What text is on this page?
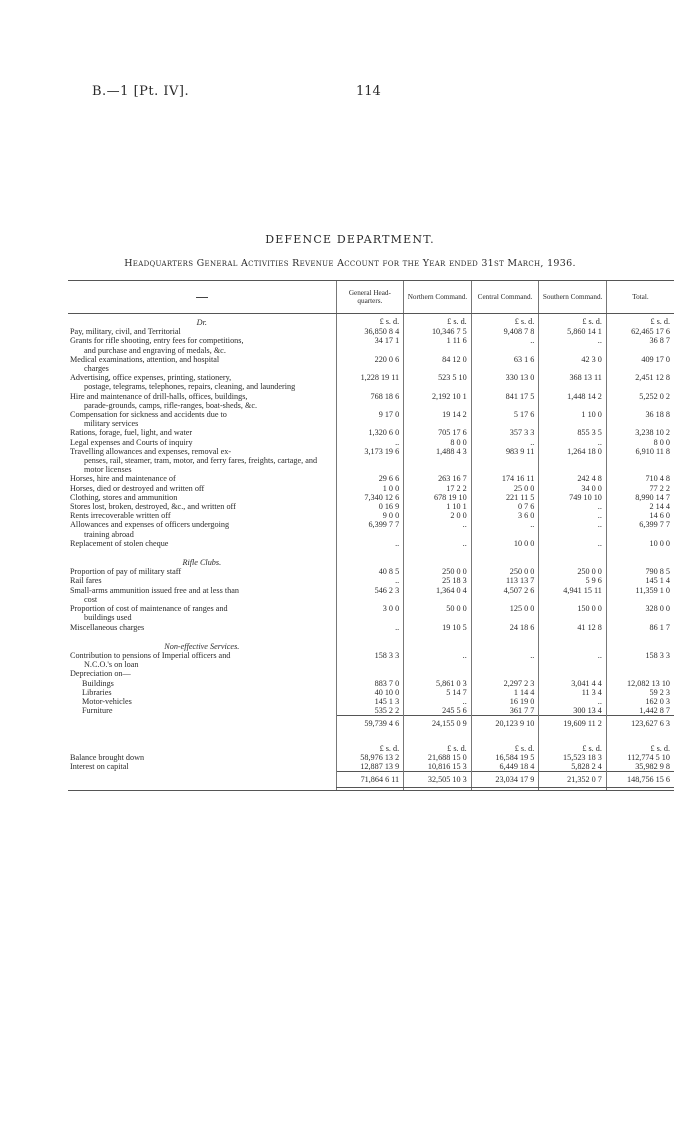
B.—1 [Pt. IV].	114
DEFENCE DEPARTMENT.
Headquarters General Activities Revenue Account for the Year ended 31st March, 1936.
	General Head-quarters.	Northern Command.	Central Command.	Southern Command.	Total.
Dr.	£ s. d.	£ s. d.	£ s. d.	£ s. d.	£ s. d.
Pay, military, civil, and Territorial	36,850 8 4	10,346 7 5	9,408 7 8	5,860 14 1	62,465 17 6
Grants for rifle shooting, entry fees for competitions,
and purchase and engraving of medals, &c.	34 17 1	1 11 6	..	..	36 8 7
Medical examinations, attention, and hospital
charges	220 0 6	84 12 0	63 1 6	42 3 0	409 17 0
Advertising, office expenses, printing, stationery,
postage, telegrams, telephones, repairs, cleaning, and laundering	1,228 19 11	523 5 10	330 13 0	368 13 11	2,451 12 8
Hire and maintenance of drill-halls, offices, buildings,
parade-grounds, camps, rifle-ranges, boat-sheds, &c.	768 18 6	2,192 10 1	841 17 5	1,448 14 2	5,252 0 2
Compensation for sickness and accidents due to
military services	9 17 0	19 14 2	5 17 6	1 10 0	36 18 8
Rations, forage, fuel, light, and water	1,320 6 0	705 17 6	357 3 3	855 3 5	3,238 10 2
Legal expenses and Courts of inquiry	..	8 0 0	..	..	8 0 0
Travelling allowances and expenses, removal ex-
penses, rail, steamer, tram, motor, and ferry fares, freights, cartage, and motor licenses	3,173 19 6	1,488 4 3	983 9 11	1,264 18 0	6,910 11 8
Horses, hire and maintenance of	29 6 6	263 16 7	174 16 11	242 4 8	710 4 8
Horses, died or destroyed and written off	1 0 0	17 2 2	25 0 0	34 0 0	77 2 2
Clothing, stores and ammunition	7,340 12 6	678 19 10	221 11 5	749 10 10	8,990 14 7
Stores lost, broken, destroyed, &c., and written off	0 16 9	1 10 1	0 7 6	..	2 14 4
Rents irrecoverable written off	9 0 0	2 0 0	3 6 0	..	14 6 0
Allowances and expenses of officers undergoing
training abroad	6,399 7 7	..	..	..	6,399 7 7
Replacement of stolen cheque	..	..	10 0 0	..	10 0 0

Rifle Clubs.					
Proportion of pay of military staff	40 8 5	250 0 0	250 0 0	250 0 0	790 8 5
Rail fares	..	25 18 3	113 13 7	5 9 6	145 1 4
Small-arms ammunition issued free and at less than
cost	546 2 3	1,364 0 4	4,507 2 6	4,941 15 11	11,359 1 0
Proportion of cost of maintenance of ranges and
buildings used	3 0 0	50 0 0	125 0 0	150 0 0	328 0 0
Miscellaneous charges	..	19 10 5	24 18 6	41 12 8	86 1 7

Non-effective Services.					
Contribution to pensions of Imperial officers and
N.C.O.'s on loan	158 3 3	..	..	..	158 3 3
Depreciation on—					
Buildings	883 7 0	5,861 0 3	2,297 2 3	3,041 4 4	12,082 13 10
Libraries	40 10 0	5 14 7	1 14 4	11 3 4	59 2 3
Motor-vehicles	145 1 3	..	16 19 0	..	162 0 3
Furniture	535 2 2	245 5 6	361 7 7	300 13 4	1,442 8 7
	59,739 4 6	24,155 0 9	20,123 9 10	19,609 11 2	123,627 6 3

	£ s. d.	£ s. d.	£ s. d.	£ s. d.	£ s. d.
Balance brought down	58,976 13 2	21,688 15 0	16,584 19 5	15,523 18 3	112,774 5 10
Interest on capital	12,887 13 9	10,816 15 3	6,449 18 4	5,828 2 4	35,982 9 8
	71,864 6 11	32,505 10 3	23,034 17 9	21,352 0 7	148,756 15 6
